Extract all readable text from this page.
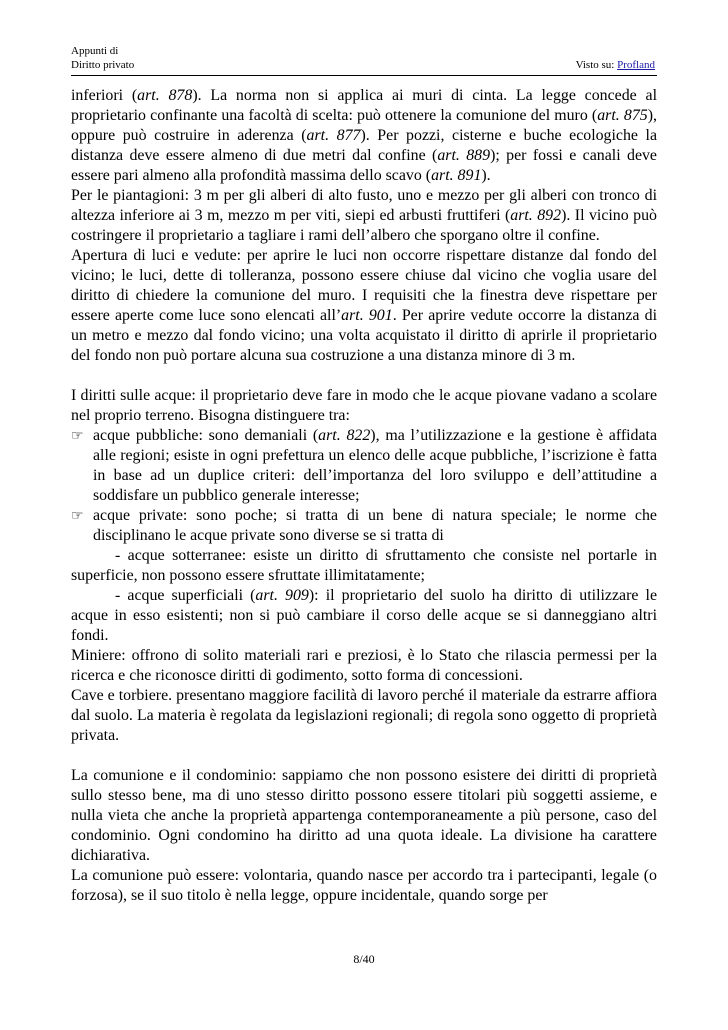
Appunti di
Diritto privato	Visto su: Profland

inferiori (art. 878). La norma non si applica ai muri di cinta. La legge concede al proprietario confinante una facoltà di scelta: può ottenere la comunione del muro (art. 875), oppure può costruire in aderenza (art. 877). Per pozzi, cisterne e buche ecologiche la distanza deve essere almeno di due metri dal confine (art. 889); per fossi e canali deve essere pari almeno alla profondità massima dello scavo (art. 891).

Per le piantagioni: 3 m per gli alberi di alto fusto, uno e mezzo per gli alberi con tronco di altezza inferiore ai 3 m, mezzo m per viti, siepi ed arbusti fruttiferi (art. 892). Il vicino può costringere il proprietario a tagliare i rami dell’albero che sporgano oltre il confine.

Apertura di luci e vedute: per aprire le luci non occorre rispettare distanze dal fondo del vicino; le luci, dette di tolleranza, possono essere chiuse dal vicino che voglia usare del diritto di chiedere la comunione del muro. I requisiti che la finestra deve rispettare per essere aperte come luce sono elencati all’art. 901. Per aprire vedute occorre la distanza di un metro e mezzo dal fondo vicino; una volta acquistato il diritto di aprirle il proprietario del fondo non può portare alcuna sua costruzione a una distanza minore di 3 m.

I diritti sulle acque: il proprietario deve fare in modo che le acque piovane vadano a scolare nel proprio terreno. Bisogna distinguere tra:

☞ acque pubbliche: sono demaniali (art. 822), ma l’utilizzazione e la gestione è affidata alle regioni; esiste in ogni prefettura un elenco delle acque pubbliche, l’iscrizione è fatta in base ad un duplice criteri: dell’importanza del loro sviluppo e dell’attitudine a soddisfare un pubblico generale interesse;

☞ acque private: sono poche; si tratta di un bene di natura speciale; le norme che disciplinano le acque private sono diverse se si tratta di

- acque sotterranee: esiste un diritto di sfruttamento che consiste nel portarle in superficie, non possono essere sfruttate illimitatamente;

- acque superficiali (art. 909): il proprietario del suolo ha diritto di utilizzare le acque in esso esistenti; non si può cambiare il corso delle acque se si danneggiano altri fondi.

Miniere: offrono di solito materiali rari e preziosi, è lo Stato che rilascia permessi per la ricerca e che riconosce diritti di godimento, sotto forma di concessioni.

Cave e torbiere. presentano maggiore facilità di lavoro perché il materiale da estrarre affiora dal suolo. La materia è regolata da legislazioni regionali; di regola sono oggetto di proprietà privata.

La comunione e il condominio: sappiamo che non possono esistere dei diritti di proprietà sullo stesso bene, ma di uno stesso diritto possono essere titolari più soggetti assieme, e nulla vieta che anche la proprietà appartenga contemporaneamente a più persone, caso del condominio. Ogni condomino ha diritto ad una quota ideale. La divisione ha carattere dichiarativa.

La comunione può essere: volontaria, quando nasce per accordo tra i partecipanti, legale (o forzosa), se il suo titolo è nella legge, oppure incidentale, quando sorge per

8/40
